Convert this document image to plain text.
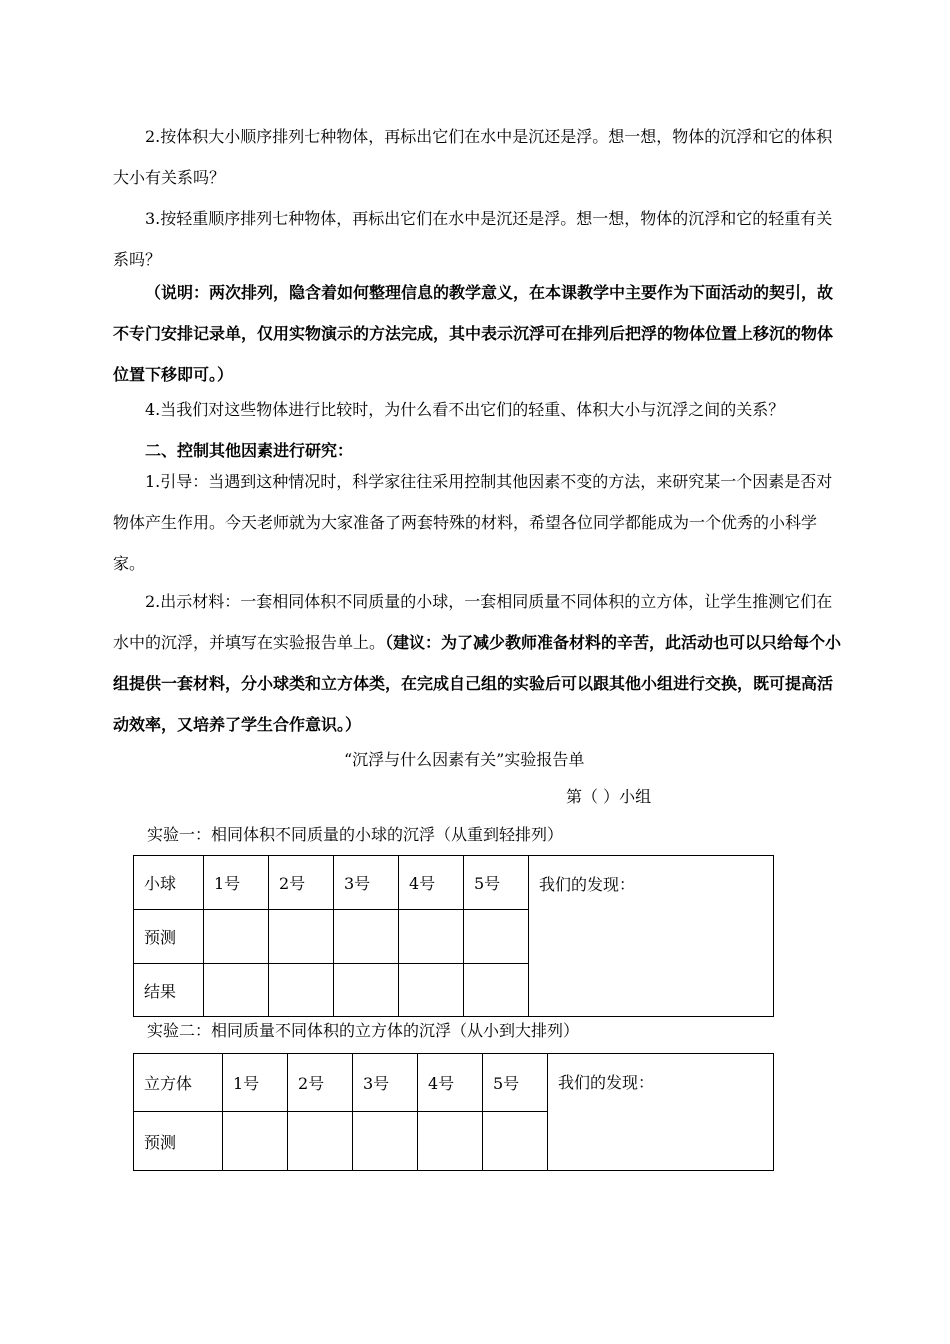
2.按体积大小顺序排列七种物体，再标出它们在水中是沉还是浮。想一想，物体的沉浮和它的体积大小有关系吗？

3.按轻重顺序排列七种物体，再标出它们在水中是沉还是浮。想一想，物体的沉浮和它的轻重有关系吗？

（说明：两次排列，隐含着如何整理信息的教学意义，在本课教学中主要作为下面活动的契引，故不专门安排记录单，仅用实物演示的方法完成，其中表示沉浮可在排列后把浮的物体位置上移沉的物体位置下移即可。）

4.当我们对这些物体进行比较时，为什么看不出它们的轻重、体积大小与沉浮之间的关系？

二、控制其他因素进行研究：

1.引导：当遇到这种情况时，科学家往往采用控制其他因素不变的方法，来研究某一个因素是否对物体产生作用。今天老师就为大家准备了两套特殊的材料，希望各位同学都能成为一个优秀的小科学家。

2.出示材料：一套相同体积不同质量的小球，一套相同质量不同体积的立方体，让学生推测它们在水中的沉浮，并填写在实验报告单上。（建议：为了减少教师准备材料的辛苦，此活动也可以只给每个小组提供一套材料，分小球类和立方体类，在完成自己组的实验后可以跟其他小组进行交换，既可提高活动效率，又培养了学生合作意识。）

“沉浮与什么因素有关”实验报告单
第（ ）小组
实验一：相同体积不同质量的小球的沉浮（从重到轻排列）
小球	1号	2号	3号	4号	5号	我们的发现：
预测						
结果						
实验二：相同质量不同体积的立方体的沉浮（从小到大排列）
立方体	1号	2号	3号	4号	5号	我们的发现：
预测						
